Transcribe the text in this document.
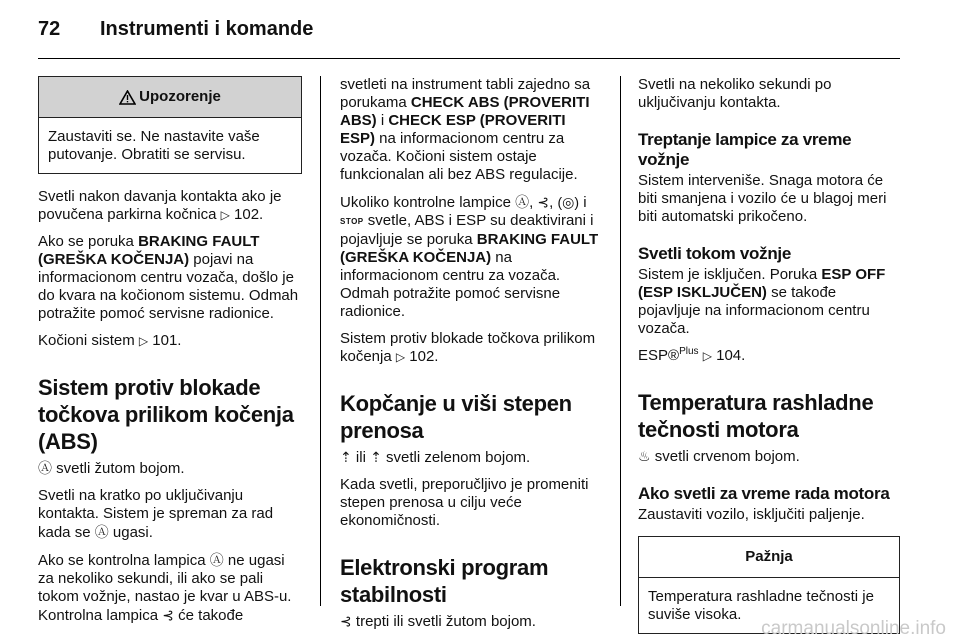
72	Instrumenti i komande
Upozorenje
Zaustaviti se. Ne nastavite vaše putovanje. Obratiti se servisu.

Svetli nakon davanja kontakta ako je povučena parkirna kočnica ▷ 102.

Ako se poruka BRAKING FAULT (GREŠKA KOČENJA) pojavi na informacionom centru vozača, došlo je do kvara na kočionom sistemu. Odmah potražite pomoć servisne radionice.

Kočioni sistem ▷ 101.

Sistem protiv blokade točkova prilikom kočenja (ABS)

Ⓐ svetli žutom bojom.

Svetli na kratko po uključivanju kontakta. Sistem je spreman za rad kada se Ⓐ ugasi.

Ako se kontrolna lampica Ⓐ ne ugasi za nekoliko sekundi, ili ako se pali tokom vožnje, nastao je kvar u ABS-u. Kontrolna lampica ⊰ će takođe

svetleti na instrument tabli zajedno sa porukama CHECK ABS (PROVERITI ABS) i CHECK ESP (PROVERITI ESP) na informacionom centru za vozača. Kočioni sistem ostaje funkcionalan ali bez ABS regulacije.

Ukoliko kontrolne lampice Ⓐ, ⊰, (◎) i STOP svetle, ABS i ESP su deaktivirani i pojavljuje se poruka BRAKING FAULT (GREŠKA KOČENJA) na informacionom centru za vozača. Odmah potražite pomoć servisne radionice.

Sistem protiv blokade točkova prilikom kočenja ▷ 102.

Kopčanje u viši stepen prenosa

⇡ ili ⇡ svetli zelenom bojom.

Kada svetli, preporučljivo je promeniti stepen prenosa u cilju veće ekonomičnosti.

Elektronski program stabilnosti

⊰ trepti ili svetli žutom bojom.

Svetli na nekoliko sekundi po uključivanju kontakta.

Treptanje lampice za vreme vožnje

Sistem interveniše. Snaga motora će biti smanjena i vozilo će u blagoj meri biti automatski prikočeno.

Svetli tokom vožnje

Sistem je isključen. Poruka ESP OFF (ESP ISKLJUČEN) se takođe pojavljuje na informacionom centru vozača.

ESP®$^{Plus}$ ▷ 104.

Temperatura rashladne tečnosti motora

♨ svetli crvenom bojom.

Ako svetli za vreme rada motora

Zaustaviti vozilo, isključiti paljenje.

Pažnja
Temperatura rashladne tečnosti je suviše visoka.
carmanualsonline.info
